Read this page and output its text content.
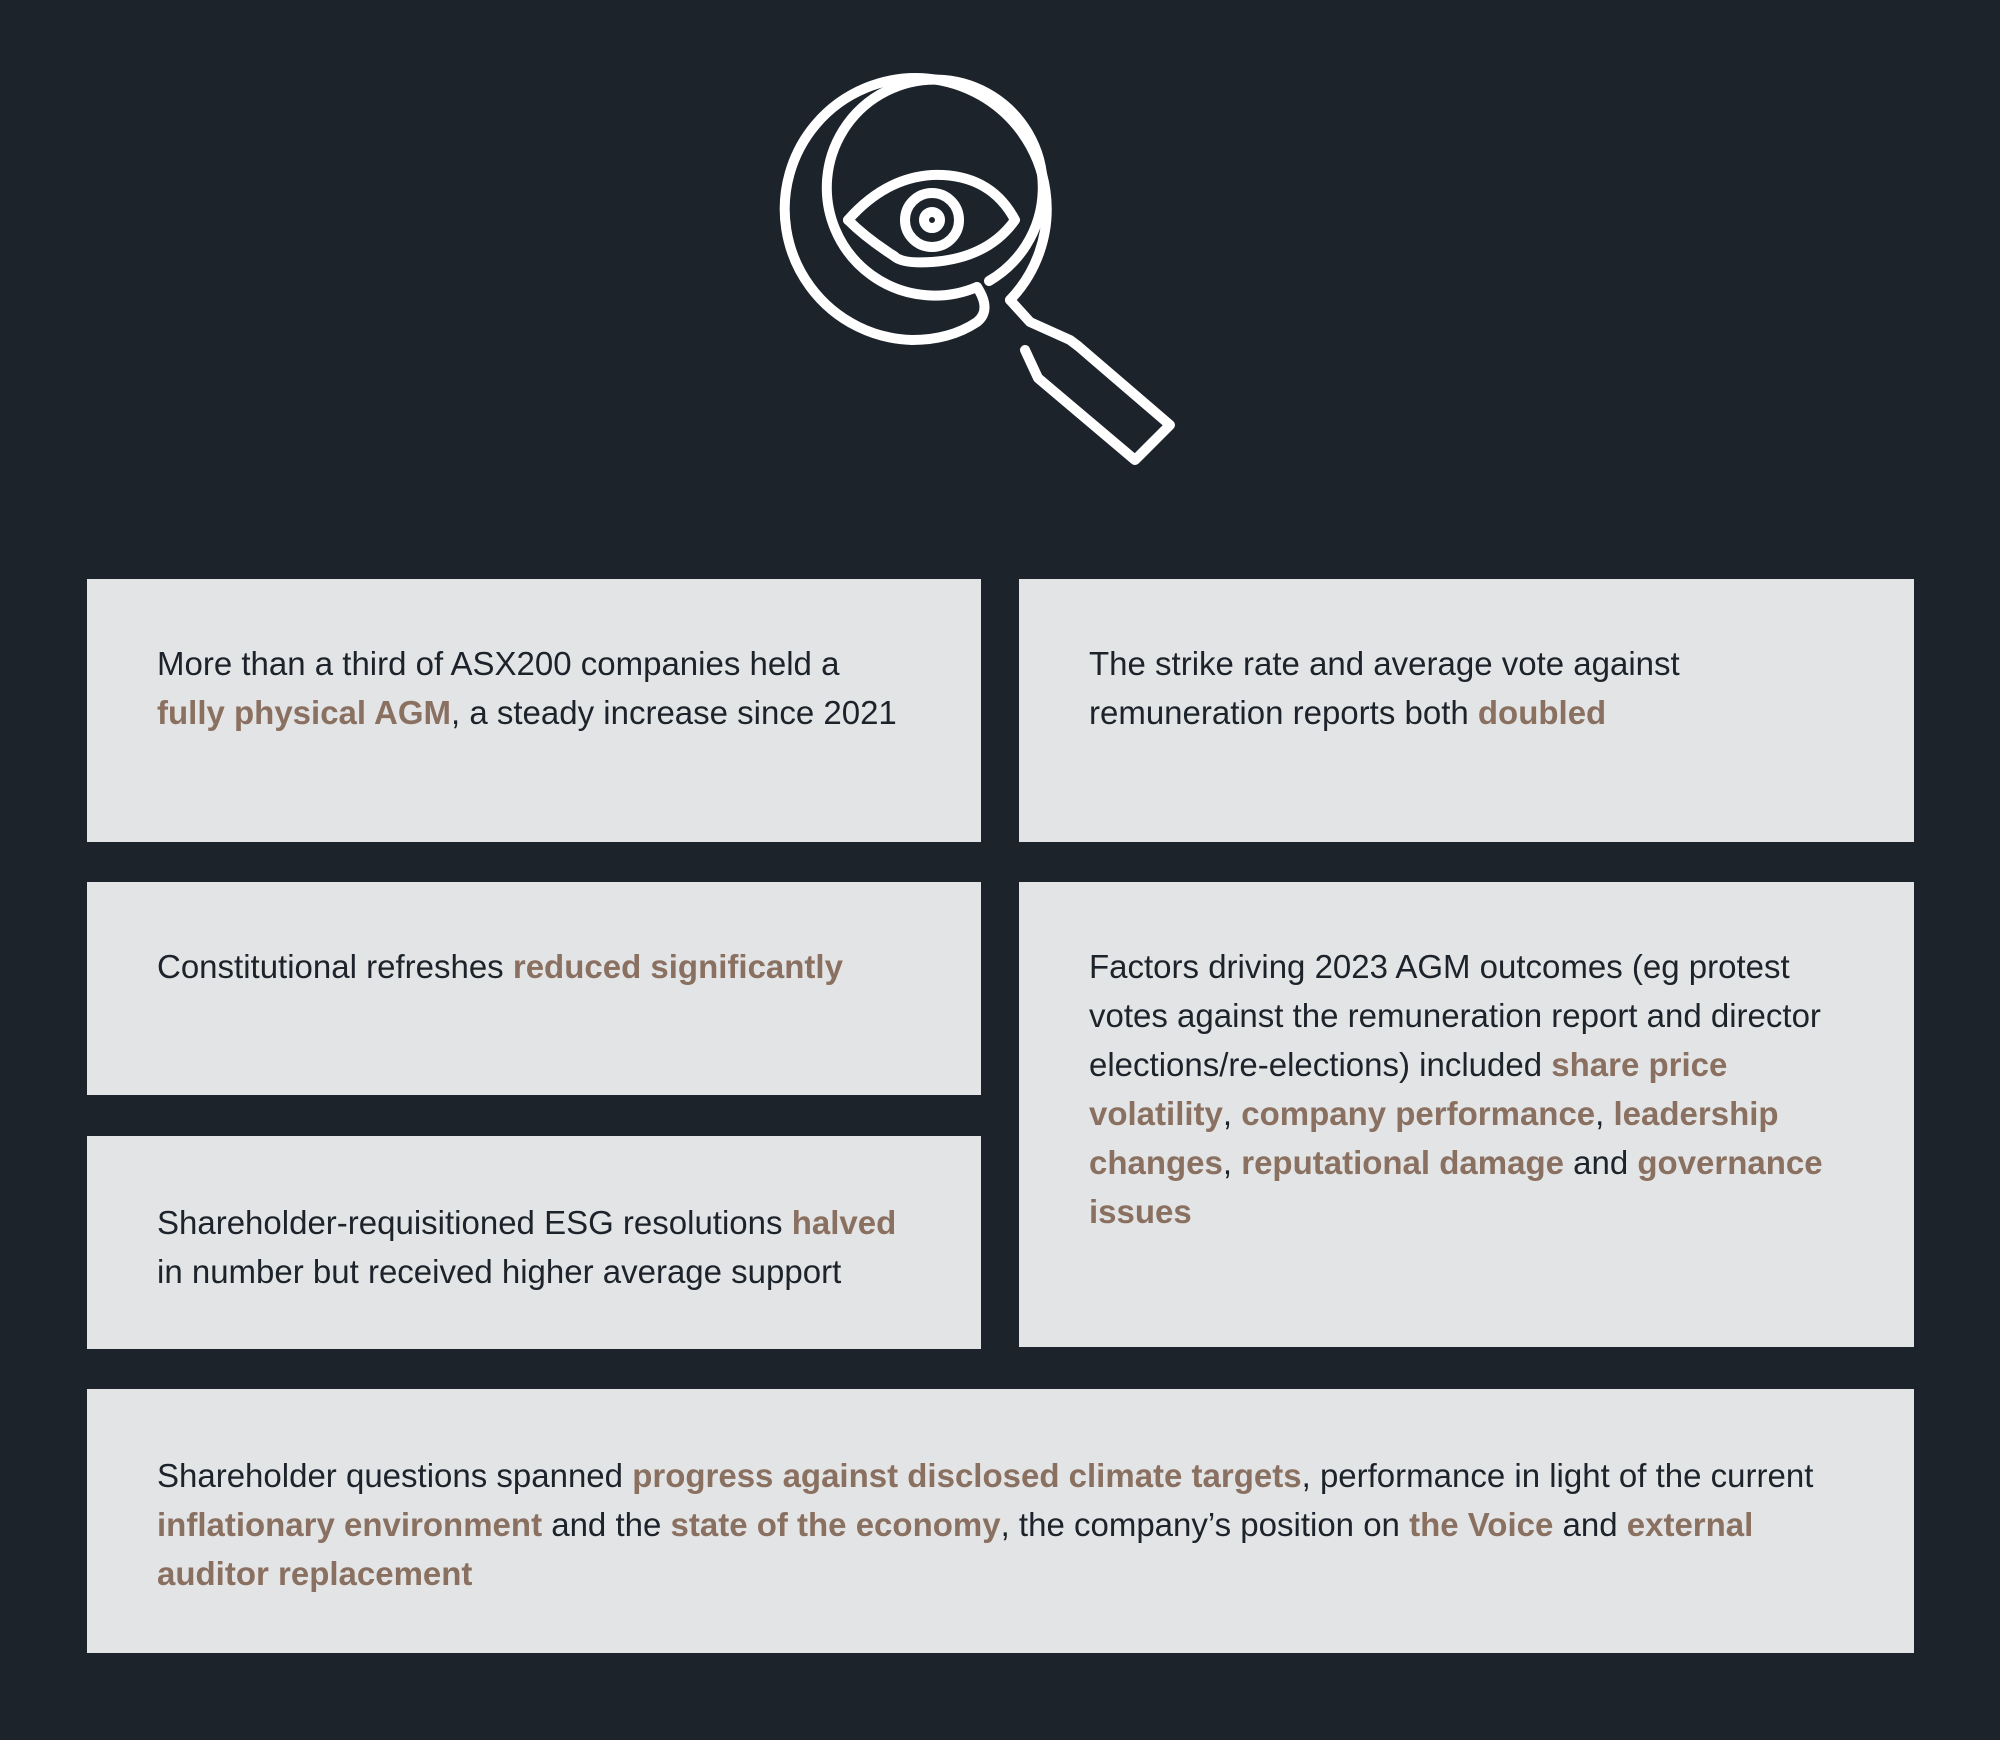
More than a third of ASX200 companies held a fully physical AGM, a steady increase since 2021

The strike rate and average vote against remuneration reports both doubled

Constitutional refreshes reduced significantly	Factors driving 2023 AGM outcomes (eg protest votes against the remuneration report and director elections/re-elections) included share price volatility, company performance, leadership changes, reputational damage and governance issues

Shareholder-requisitioned ESG resolutions halved in number but received higher average support

Shareholder questions spanned progress against disclosed climate targets, performance in light of the current inflationary environment and the state of the economy, the company’s position on the Voice and external auditor replacement
